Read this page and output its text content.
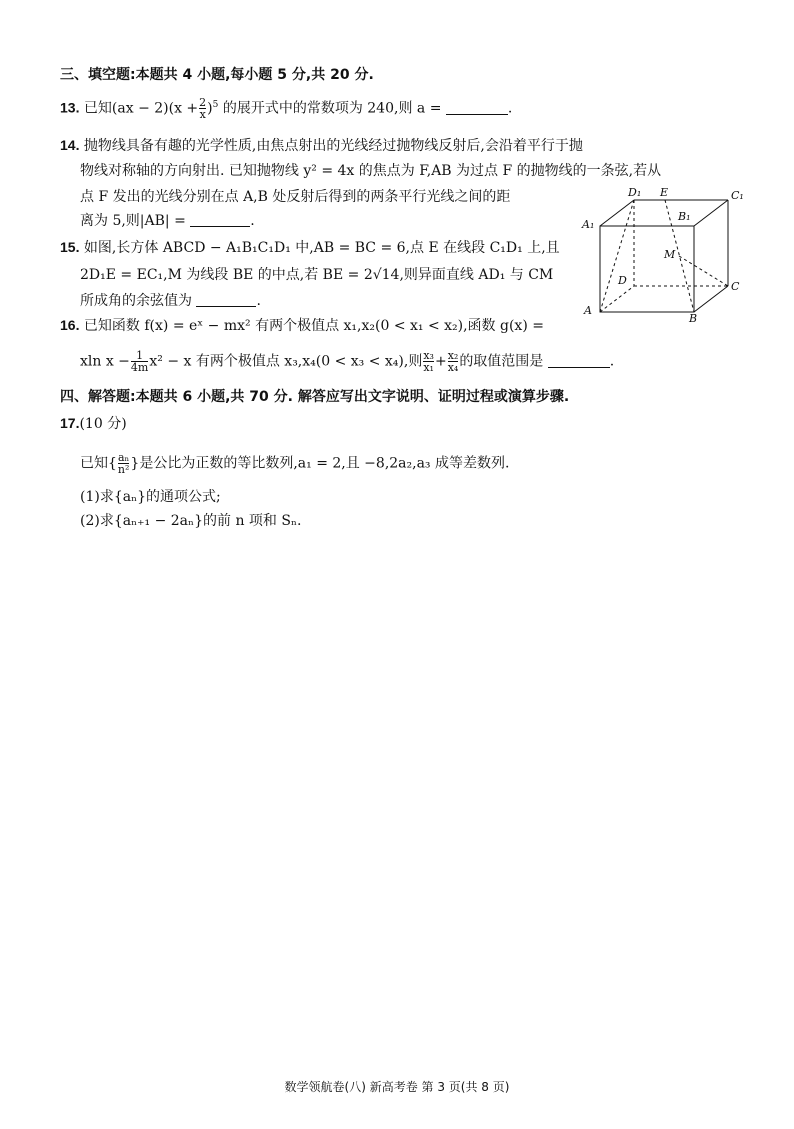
三、填空题:本题共 4 小题,每小题 5 分,共 20 分.
13. 已知$(ax - 2)(x + \frac{2}{x} )^5$ 的展开式中的常数项为 240,则 a =	.
14. 抛物线具备有趣的光学性质,由焦点射出的光线经过抛物线反射后,会沿着平行于抛
物线对称轴的方向射出. 已知抛物线 y² = 4x 的焦点为 F,AB 为过点 F 的抛物线的一条弦,若从
点 F 发出的光线分别在点 A,B 处反射后得到的两条平行光线之间的距
离为 5,则|AB| =	.
15. 如图,长方体 ABCD − A₁B₁C₁D₁ 中,AB = BC = 6,点 E 在线段 C₁D₁ 上,且
2D₁E = EC₁,M 为线段 BE 的中点,若 BE = 2√14,则异面直线 AD₁ 与 CM
所成角的余弦值为	.
D₁ E	C₁
A₁
B₁
M
D	C
A
B
16. 已知函数 f(x) = eˣ − mx² 有两个极值点 x₁,x₂(0 < x₁ < x₂),函数 g(x) =
xln $x - \frac{1}{4m} x^2 - x$ 有两个极值点 x₃,x₄(0 < x₃ < x₄),则 $\frac{\text{x₃}}{\text{x₁}} + \frac{\text{x₂}}{\text{x₄}}$ 的取值范围是	.
四、解答题:本题共 6 小题,共 70 分. 解答应写出文字说明、证明过程或演算步骤.
17.(10 分)
已知{ $\frac{\text{aₙ}}{\text{n²}}$ }是公比为正数的等比数列,a₁ = 2,且 −8,2a₂,a₃ 成等差数列.
(1)求{aₙ}的通项公式;
(2)求{aₙ₊₁ − 2aₙ}的前 n 项和 Sₙ.
数学领航卷(八) 新高考卷 第 3 页(共 8 页)
